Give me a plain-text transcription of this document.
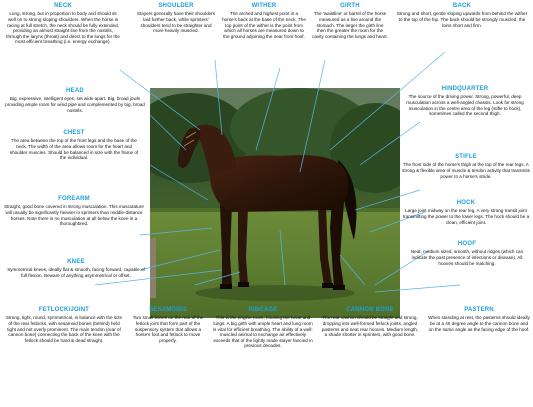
NECK
Long, strong, but in proportion to body and should sit well on to strong sloping shoulders. When the horse is racing at full stretch, the neck should be fully extended, providing an almost straight line from the nostrils, through the larynx (throat) and direct to the lungs for the most efficient breathing (i.e. energy exchange).
SHOULDER
Stayers generally have their shoulders laid further back, while sprinters' shoulders tend to be straighter and more heavily muscled.
WITHER
The arched and highest point in a horse's back at the base of the neck. The top point of the wither is the point from which all horses are measured down to the ground adjoining the near front hoof.
GIRTH
The 'waistline' or barrel of the horse measured as a line around the stomach. The larger the girth line then the greater the room for the cavity containing the lungs and heart.
BACK
Strong and short, gentle sloping upwards from behind the wither to the top of the hip. The back should be strongly muscled, the loins short and firm.
HEAD
Big, expressive, intelligent eyes, set wide apart. Big, broad jowls providing ample room for wind pipe and complemented by big, broad nostrils.
HINDQUARTER
The source of the driving power. Strong, powerful, deep musculation across a well-angled chassis. Look for strong musculation in the centre area of the leg (stifle to hock), sometimes called the second thigh.
CHEST
The area between the top of the front legs and the base of the neck. The width of the area allows room for the heart and shoulder muscles. Should be balanced in size with the frame of the individual.	STIFLE
The front side of the horse's thigh at the top of the rear legs. A strong & flexible area of muscle & tendon activity that transmits power to a horse's stride.
FOREARM
Straight, good bone covered in strong musculation. This musculature will usually be significantly heavier in sprinters than middle-distance horses. Note there is no musculation at all below the knee in a thoroughbred.
HOCK
Large joint midway on the rear leg. A very strong transit joint transmitting the power to the lower legs. The hock should be a clean, efficient joint.
HOOF
Neat, medium sized, smooth, without ridges (which can indicate the past presence of infections or disease). All hooves should be matching.
KNEE
Symmetrical knees, ideally flat & smooth, facing forward, capable of full flexion. Beware of anything asymmetrical or offset.
FETLOCK/JOINT
Strong, tight, round, symmetrical, in balance with the size of the rear fetlocks, with sesamoid bones (behind) held tight and not overly prominent. The main tendon (rear of cannon bone) connecting the back of the knee with the fetlock should be hard & dead straight.
SESAMOIDS
Two small bones on the rear of the fetlock joint that form part of the suspensory system that allows a horse's foot and fetlock to move properly.
RIBCAGE
This is the engine room, housing the heart and lungs. A big girth with ample heart and lung room is vital for efficient breathing. The ability of a well-muscled animal to exchange air effectively exceeds that of the lightly made stayer fancied in previous decades.
CANNON BONE
The rear cannon should be straight and strong, dropping into well-formed fetlock joints, angled pasterns and neat rear hooves. Medium length, a shade shorter in sprinters, with good bone.
PASTERN
When standing at rest, the pasterns should ideally be at a 45 degree angle to the cannon bone and on the same angle as the facing edge of the hoof.
